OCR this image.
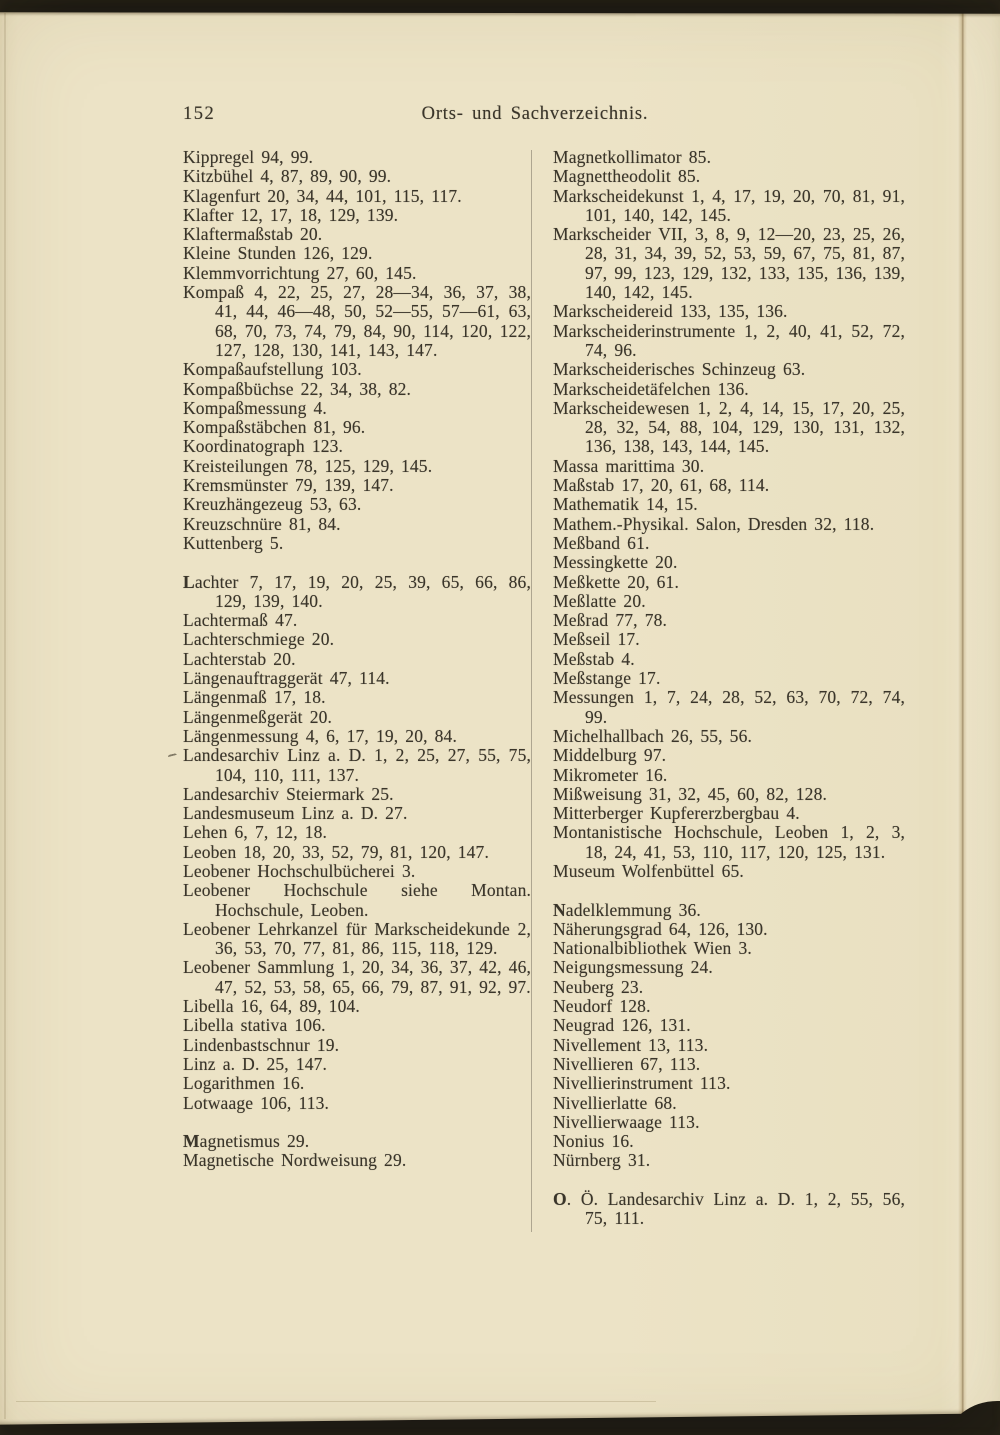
152	Orts- und Sachverzeichnis.
Kippregel 94, 99.
Kitzbühel 4, 87, 89, 90, 99.
Klagenfurt 20, 34, 44, 101, 115, 117.
Klafter 12, 17, 18, 129, 139.
Klaftermaßstab 20.
Kleine Stunden 126, 129.
Klemmvorrichtung 27, 60, 145.
Kompaß 4, 22, 25, 27, 28—34, 36, 37, 38, 41, 44, 46—48, 50, 52—55, 57—61, 63, 68, 70, 73, 74, 79, 84, 90, 114, 120, 122, 127, 128, 130, 141, 143, 147.
Kompaßaufstellung 103.
Kompaßbüchse 22, 34, 38, 82.
Kompaßmessung 4.
Kompaßstäbchen 81, 96.
Koordinatograph 123.
Kreisteilungen 78, 125, 129, 145.
Kremsmünster 79, 139, 147.
Kreuzhängezeug 53, 63.
Kreuzschnüre 81, 84.
Kuttenberg 5.
Lachter 7, 17, 19, 20, 25, 39, 65, 66, 86, 129, 139, 140.
Lachtermaß 47.
Lachterschmiege 20.
Lachterstab 20.
Längenauftraggerät 47, 114.
Längenmaß 17, 18.
Längenmeßgerät 20.
Längenmessung 4, 6, 17, 19, 20, 84.
Landesarchiv Linz a. D. 1, 2, 25, 27, 55, 75, 104, 110, 111, 137.
Landesarchiv Steiermark 25.
Landesmuseum Linz a. D. 27.
Lehen 6, 7, 12, 18.
Leoben 18, 20, 33, 52, 79, 81, 120, 147.
Leobener Hochschulbücherei 3.
Leobener Hochschule siehe Montan. Hochschule, Leoben.
Leobener Lehrkanzel für Markscheidekunde 2, 36, 53, 70, 77, 81, 86, 115, 118, 129.
Leobener Sammlung 1, 20, 34, 36, 37, 42, 46, 47, 52, 53, 58, 65, 66, 79, 87, 91, 92, 97.
Libella 16, 64, 89, 104.
Libella stativa 106.
Lindenbastschnur 19.
Linz a. D. 25, 147.
Logarithmen 16.
Lotwaage 106, 113.
Magnetismus 29.
Magnetische Nordweisung 29.
Magnetkollimator 85.
Magnettheodolit 85.
Markscheidekunst 1, 4, 17, 19, 20, 70, 81, 91, 101, 140, 142, 145.
Markscheider VII, 3, 8, 9, 12—20, 23, 25, 26, 28, 31, 34, 39, 52, 53, 59, 67, 75, 81, 87, 97, 99, 123, 129, 132, 133, 135, 136, 139, 140, 142, 145.
Markscheidereid 133, 135, 136.
Markscheiderinstrumente 1, 2, 40, 41, 52, 72, 74, 96.
Markscheiderisches Schinzeug 63.
Markscheidetäfelchen 136.
Markscheidewesen 1, 2, 4, 14, 15, 17, 20, 25, 28, 32, 54, 88, 104, 129, 130, 131, 132, 136, 138, 143, 144, 145.
Massa marittima 30.
Maßstab 17, 20, 61, 68, 114.
Mathematik 14, 15.
Mathem.-Physikal. Salon, Dresden 32, 118.
Meßband 61.
Messingkette 20.
Meßkette 20, 61.
Meßlatte 20.
Meßrad 77, 78.
Meßseil 17.
Meßstab 4.
Meßstange 17.
Messungen 1, 7, 24, 28, 52, 63, 70, 72, 74, 99.
Michelhallbach 26, 55, 56.
Middelburg 97.
Mikrometer 16.
Mißweisung 31, 32, 45, 60, 82, 128.
Mitterberger Kupfererzbergbau 4.
Montanistische Hochschule, Leoben 1, 2, 3, 18, 24, 41, 53, 110, 117, 120, 125, 131.
Museum Wolfenbüttel 65.
Nadelklemmung 36.
Näherungsgrad 64, 126, 130.
Nationalbibliothek Wien 3.
Neigungsmessung 24.
Neuberg 23.
Neudorf 128.
Neugrad 126, 131.
Nivellement 13, 113.
Nivellieren 67, 113.
Nivellierinstrument 113.
Nivellierlatte 68.
Nivellierwaage 113.
Nonius 16.
Nürnberg 31.
O. Ö. Landesarchiv Linz a. D. 1, 2, 55, 56, 75, 111.
